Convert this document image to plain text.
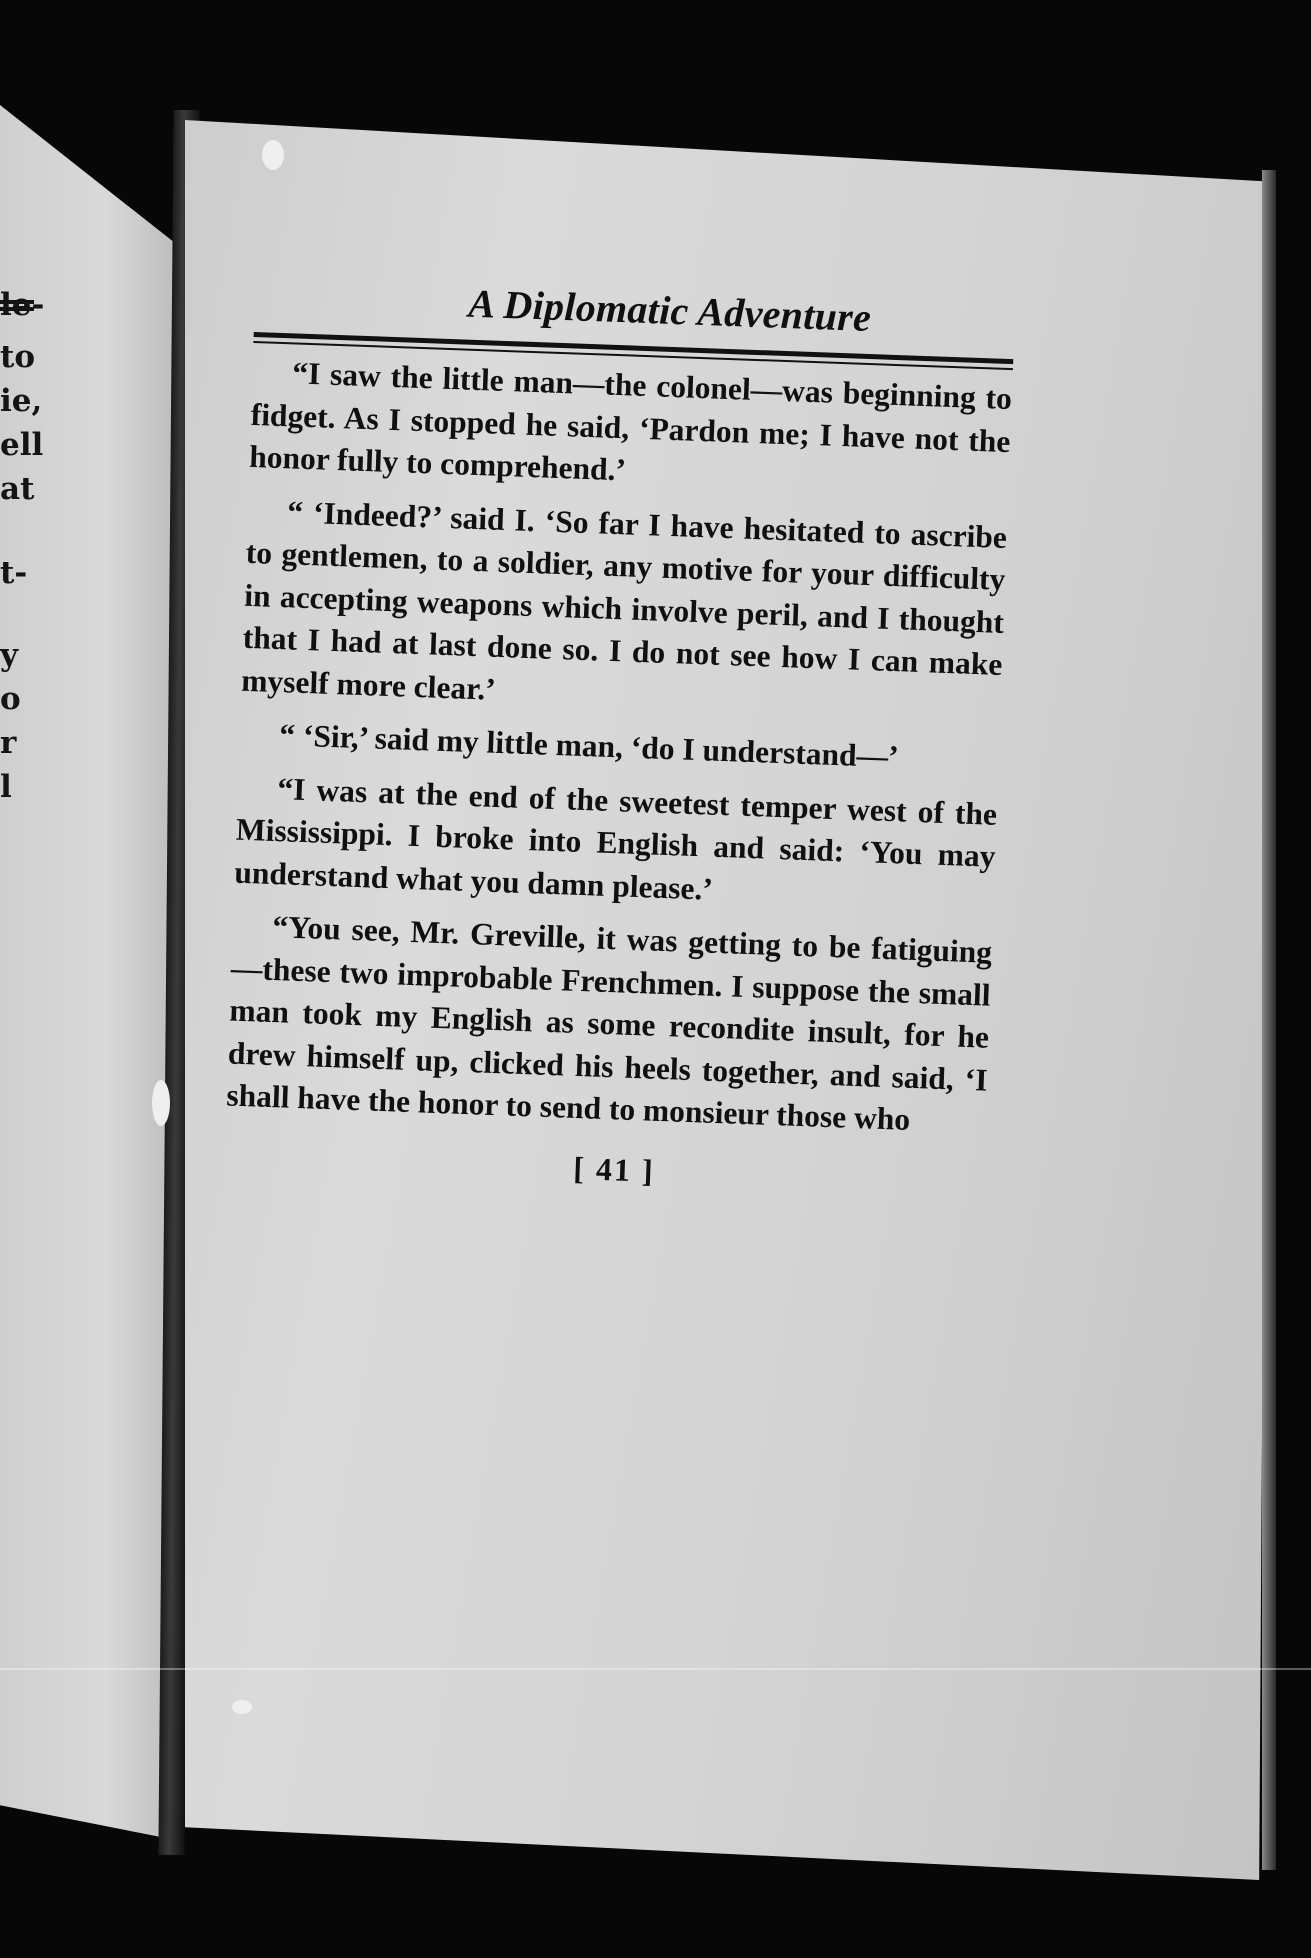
le-
to
ie,
ell
at
t-
y
o
r
l
A Diplomatic Adventure

“I saw the little man—the colonel—was beginning to fidget. As I stopped he said, ‘Pardon me; I have not the honor fully to comprehend.’

“ ‘Indeed?’ said I. ‘So far I have hesitated to ascribe to gentlemen, to a soldier, any motive for your difficulty in accepting weapons which involve peril, and I thought that I had at last done so. I do not see how I can make myself more clear.’

“ ‘Sir,’ said my little man, ‘do I understand—’

“I was at the end of the sweetest temper west of the Mississippi. I broke into English and said: ‘You may understand what you damn please.’

“You see, Mr. Greville, it was getting to be fatiguing—these two improbable Frenchmen. I suppose the small man took my English as some recondite insult, for he drew himself up, clicked his heels together, and said, ‘I shall have the honor to send to monsieur those who

[ 41 ]
